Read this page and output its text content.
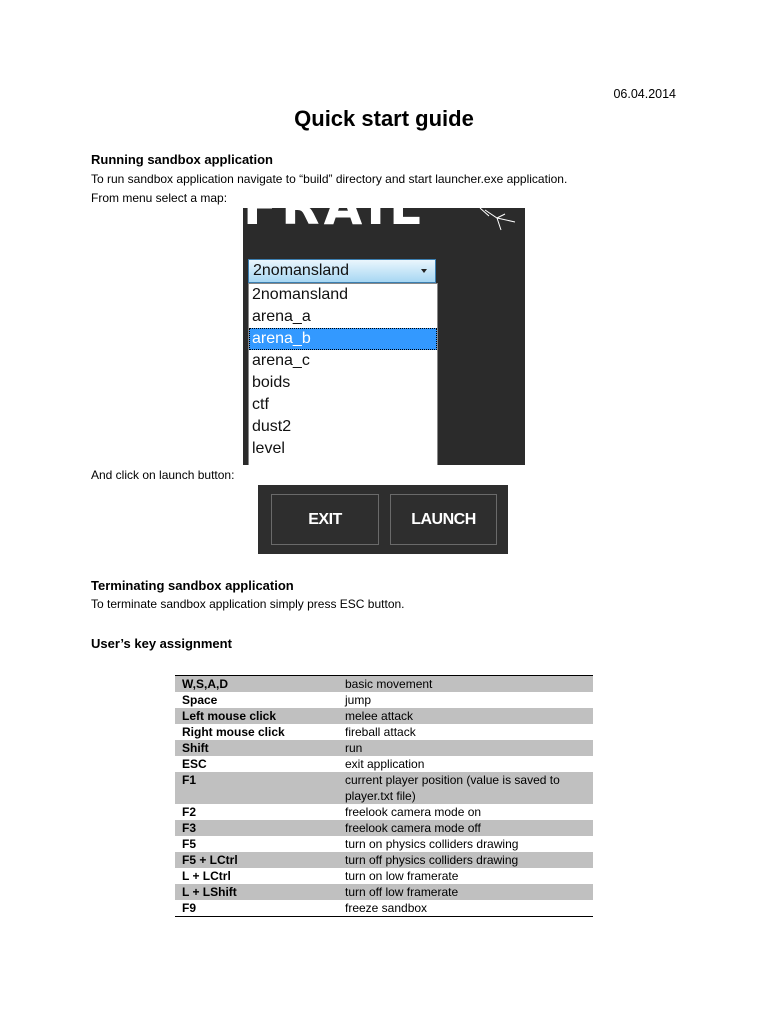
06.04.2014
Quick start guide
Running sandbox application

To run sandbox application navigate to “build” directory and start launcher.exe application.

From menu select a map: FRAIL
2nomansland
2nomansland
arena_a
arena_b
arena_c
boids
ctf
dust2
level

And click on launch button:

EXIT	LAUNCH
Terminating sandbox application

To terminate sandbox application simply press ESC button.

User’s key assignment
W,S,A,D	basic movement
Space	jump
Left mouse click	melee attack
Right mouse click	fireball attack
Shift	run
ESC	exit application
F1	current player position (value is saved to player.txt file)
F2	freelook camera mode on
F3	freelook camera mode off
F5	turn on physics colliders drawing
F5 + LCtrl	turn off physics colliders drawing
L + LCtrl	turn on low framerate
L + LShift	turn off low framerate
F9	freeze sandbox
